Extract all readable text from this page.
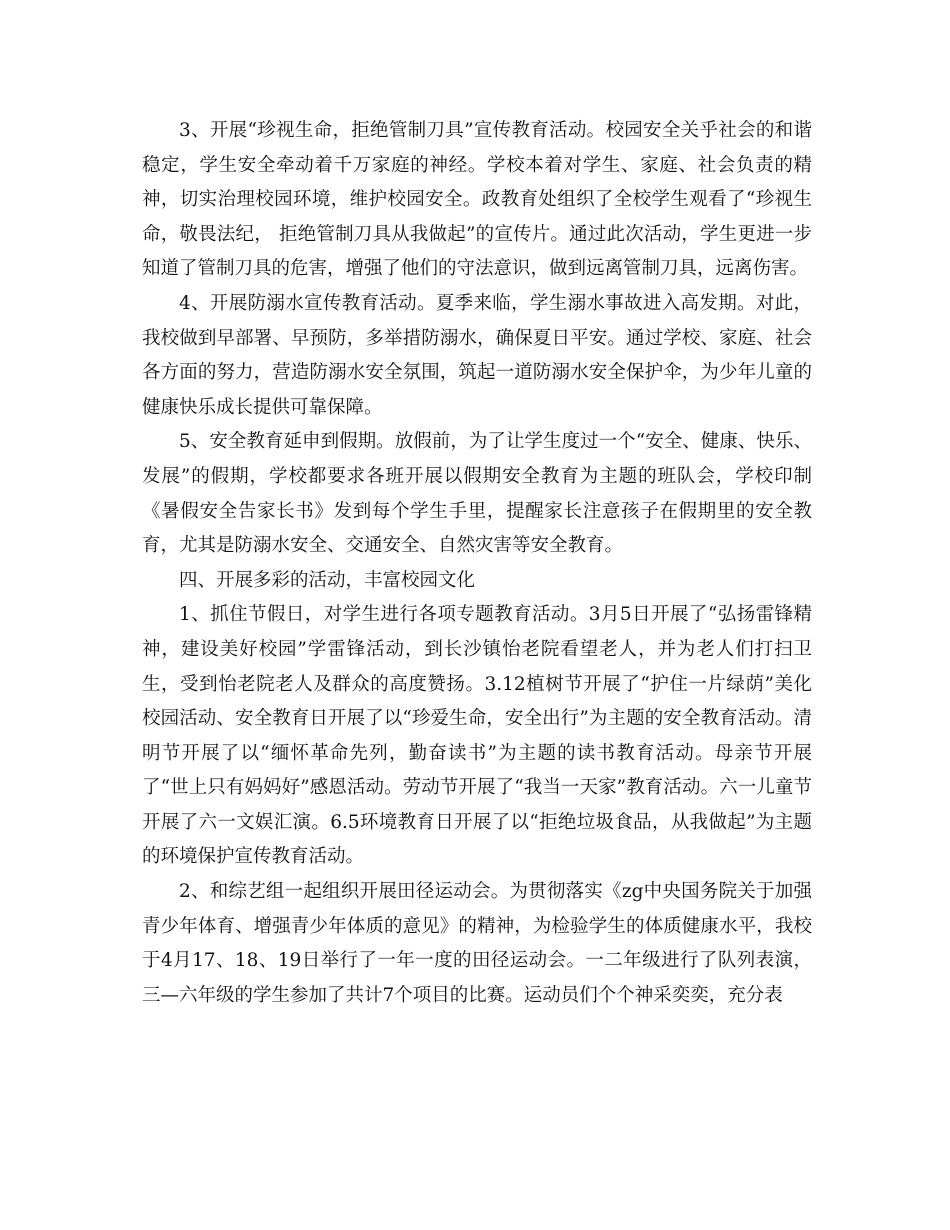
3、开展“珍视生命，拒绝管制刀具”宣传教育活动。校园安全关乎社会的和谐稳定，学生安全牵动着千万家庭的神经。学校本着对学生、家庭、社会负责的精神，切实治理校园环境，维护校园安全。政教育处组织了全校学生观看了“珍视生命，敬畏法纪， 拒绝管制刀具从我做起”的宣传片。通过此次活动，学生更进一步知道了管制刀具的危害，增强了他们的守法意识，做到远离管制刀具，远离伤害。

4、开展防溺水宣传教育活动。夏季来临，学生溺水事故进入高发期。对此，我校做到早部署、早预防，多举措防溺水，确保夏日平安。通过学校、家庭、社会各方面的努力，营造防溺水安全氛围，筑起一道防溺水安全保护伞，为少年儿童的健康快乐成长提供可靠保障。

5、安全教育延申到假期。放假前，为了让学生度过一个“安全、健康、快乐、发展”的假期，学校都要求各班开展以假期安全教育为主题的班队会，学校印制《暑假安全告家长书》发到每个学生手里，提醒家长注意孩子在假期里的安全教育，尤其是防溺水安全、交通安全、自然灾害等安全教育。

四、开展多彩的活动，丰富校园文化

1、抓住节假日，对学生进行各项专题教育活动。3月5日开展了“弘扬雷锋精神，建设美好校园”学雷锋活动，到长沙镇怡老院看望老人，并为老人们打扫卫生，受到怡老院老人及群众的高度赞扬。3.12植树节开展了“护住一片绿荫”美化校园活动、安全教育日开展了以“珍爱生命，安全出行”为主题的安全教育活动。清明节开展了以“缅怀革命先列，勤奋读书”为主题的读书教育活动。母亲节开展了“世上只有妈妈好”感恩活动。劳动节开展了“我当一天家”教育活动。六一儿童节开展了六一文娱汇演。6.5环境教育日开展了以“拒绝垃圾食品，从我做起”为主题的环境保护宣传教育活动。

2、和综艺组一起组织开展田径运动会。为贯彻落实《zg中央国务院关于加强青少年体育、增强青少年体质的意见》的精神，为检验学生的体质健康水平，我校于4月17、18、19日举行了一年一度的田径运动会。一二年级进行了队列表演，三—六年级的学生参加了共计7个项目的比赛。运动员们个个神采奕奕，充分表
